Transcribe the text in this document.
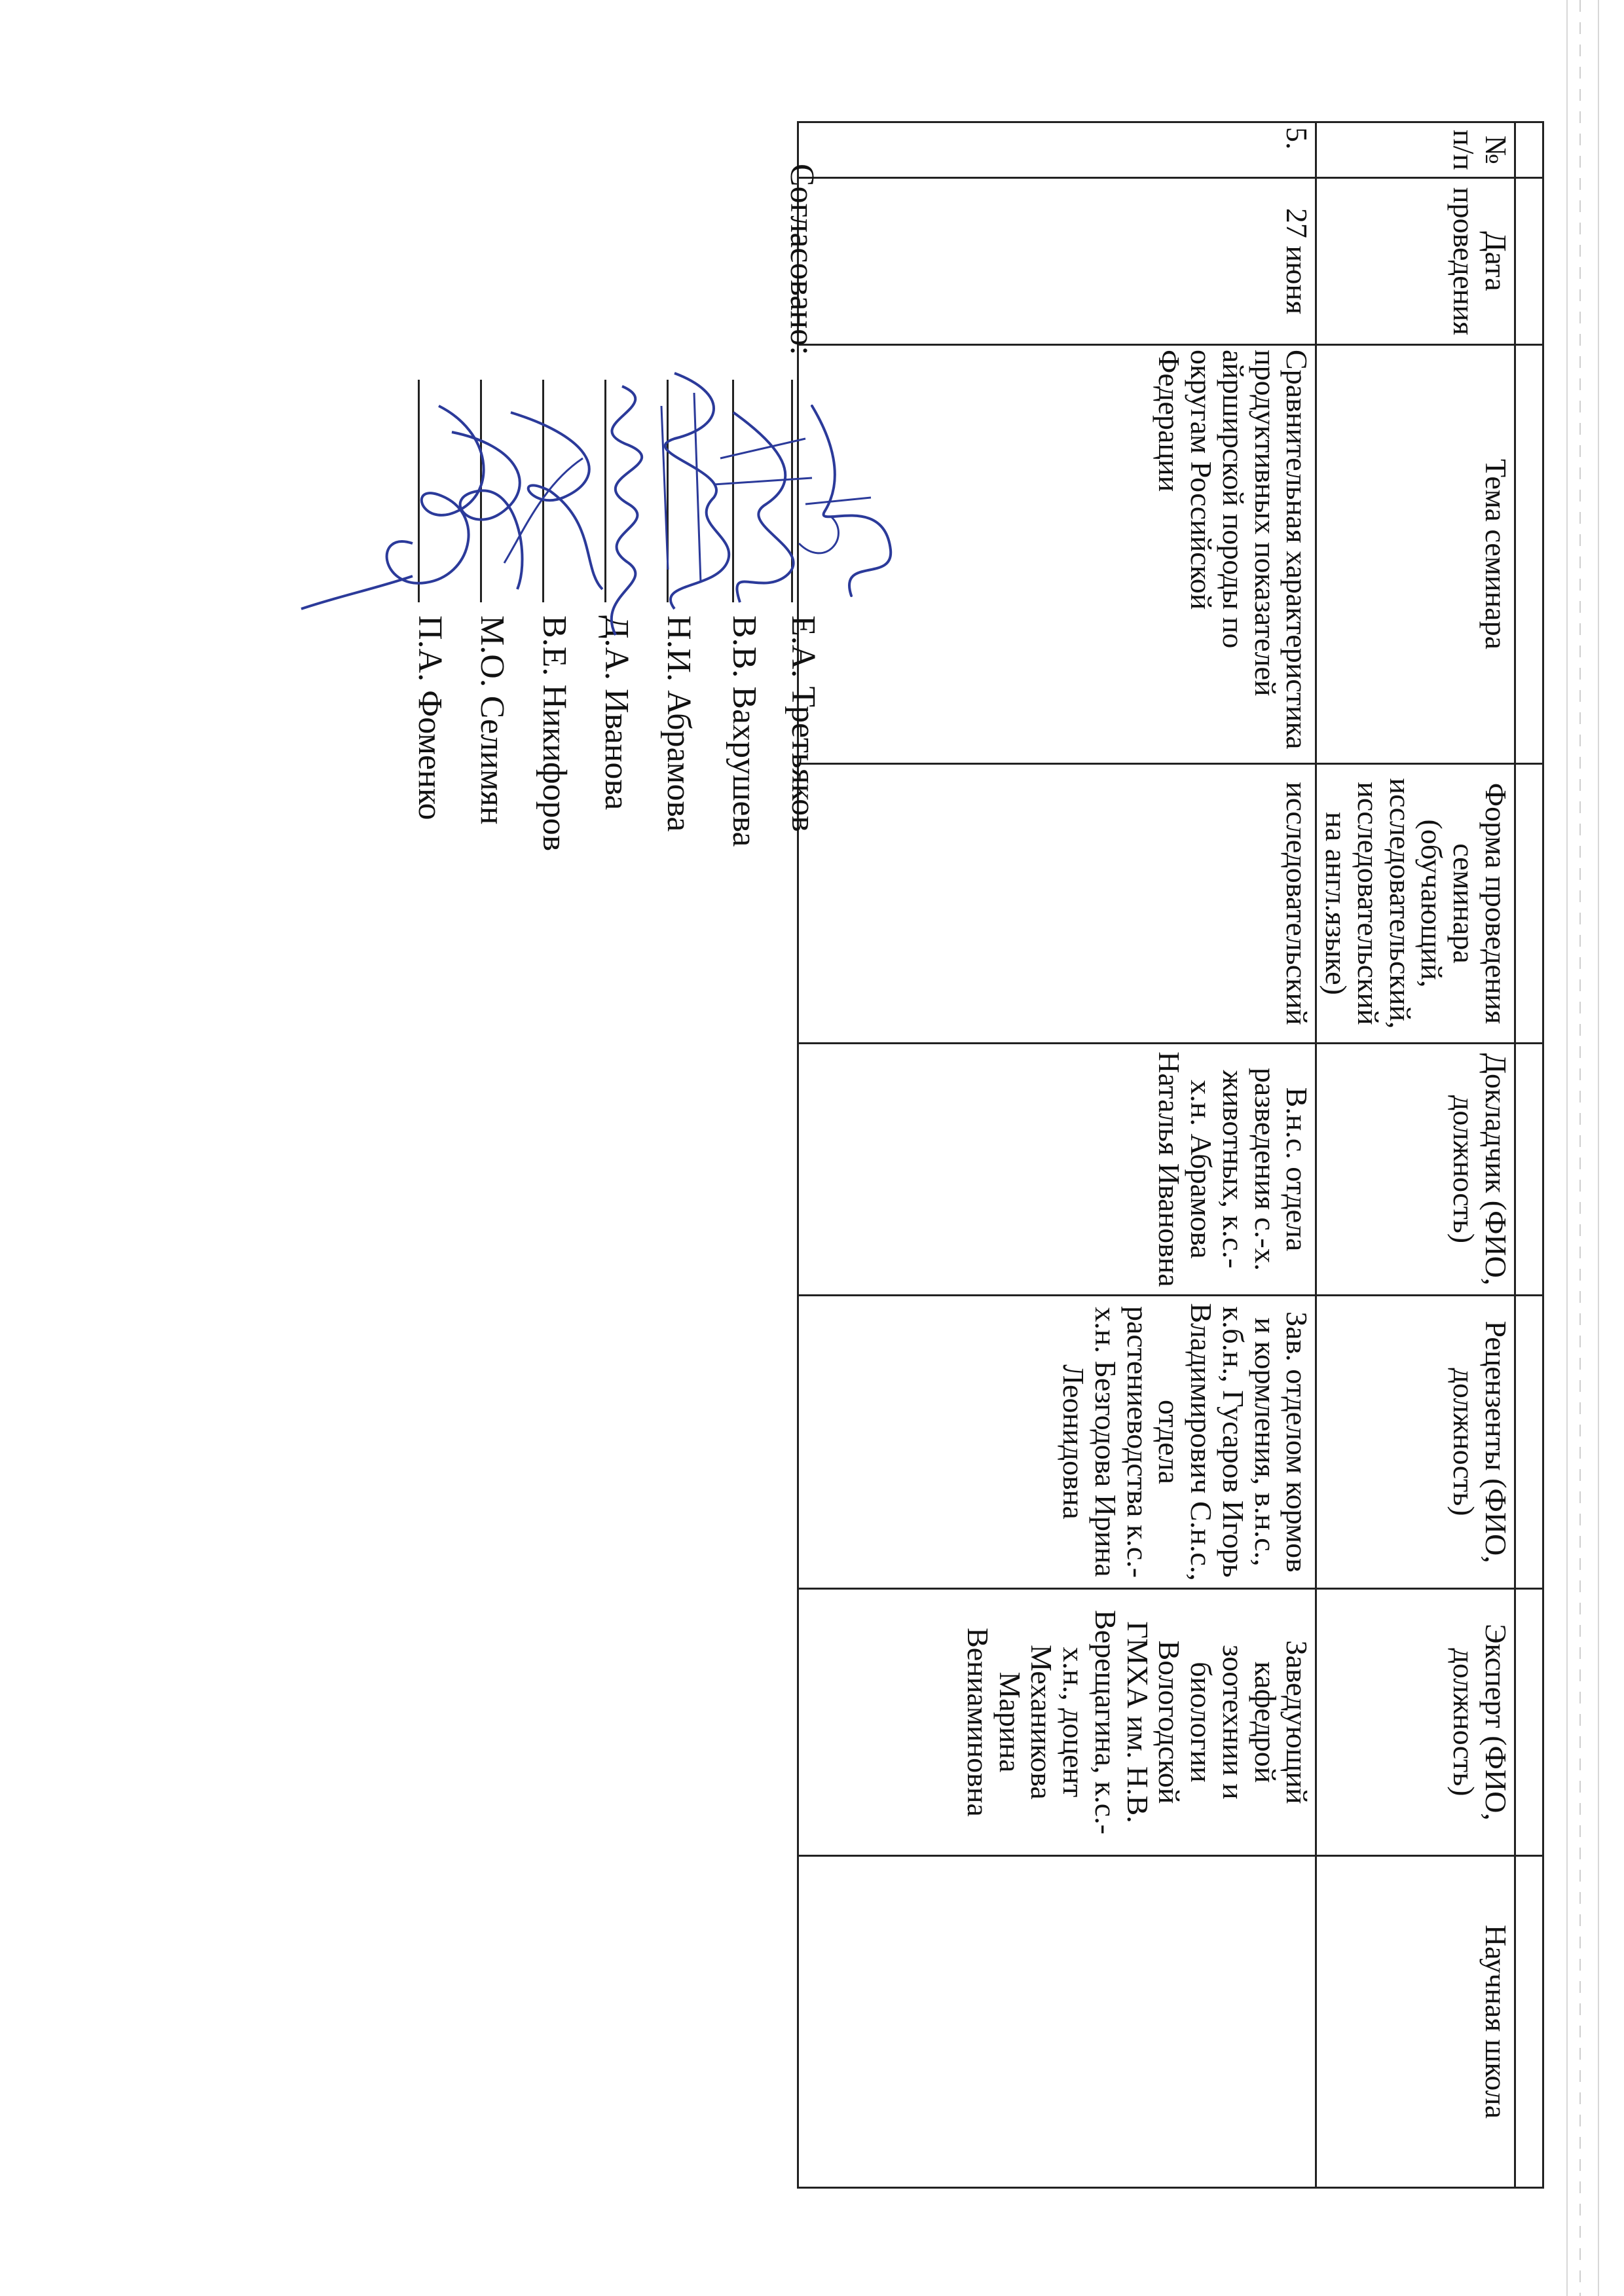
№ п/п	Дата проведения	Тема семинара	Форма проведения семинара (обучающий, исследовательский, исследовательский на англ.языке)	Докладчик (ФИО, должность)	Рецензенты (ФИО, должность)	Эксперт (ФИО, должность)	Научная школа
5.	27 июня	Сравнительная характеристика продуктивных показателей айрширской породы по округам Российской Федерации	исследовательский	В.н.с. отдела разведения с.-х. животных, к.с.-х.н. Абрамова Наталья Ивановна	Зав. отделом кормов и кормления, в.н.с., к.б.н., Гусаров Игорь Владимирович С.н.с., отдела растениеводства к.с.-х.н. Безгодова Ирина Леонидовна	Заведующий кафедрой зоотехнии и биологии Вологодской ГМХА им. Н.В. Верещагина, к.с.-х.н., доцент Механикова Марина Вениаминовна	
Согласовано:
Е.А. Третьяков
В.В. Вахрушева
Н.И. Абрамова
Д.А. Иванова
В.Е. Никифоров
М.О. Селимян
П.А. Фоменко
